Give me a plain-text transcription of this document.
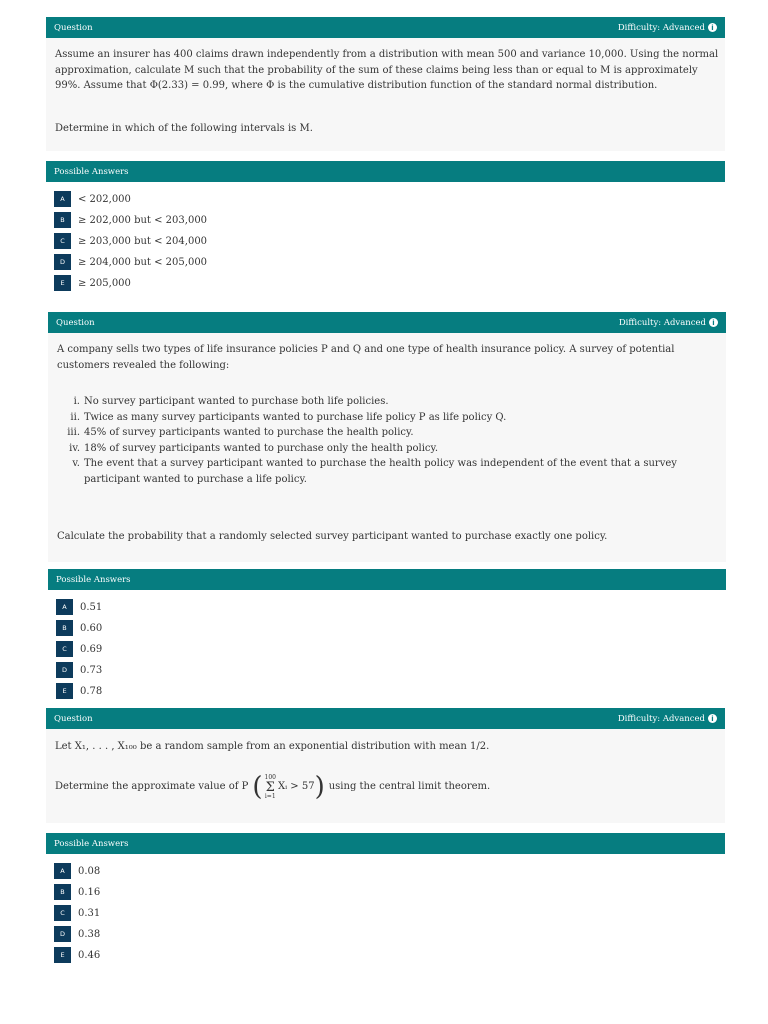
Question	Difficulty: Advanced i
Assume an insurer has 400 claims drawn independently from a distribution with mean 500 and variance 10,000. Using the normal approximation, calculate M such that the probability of the sum of these claims being less than or equal to M is approximately 99%. Assume that Φ(2.33) = 0.99, where Φ is the cumulative distribution function of the standard normal distribution.
Determine in which of the following intervals is M.
Possible Answers
A	< 202,000
B	≥ 202,000 but < 203,000
C	≥ 203,000 but < 204,000
D	≥ 204,000 but < 205,000
E	≥ 205,000
Question	Difficulty: Advanced i
A company sells two types of life insurance policies P and Q and one type of health insurance policy. A survey of potential customers revealed the following:
i. No survey participant wanted to purchase both life policies.
ii. Twice as many survey participants wanted to purchase life policy P as life policy Q.
iii. 45% of survey participants wanted to purchase the health policy.
iv. 18% of survey participants wanted to purchase only the health policy.
v. The event that a survey participant wanted to purchase the health policy was independent of the event that a survey participant wanted to purchase a life policy.
Calculate the probability that a randomly selected survey participant wanted to purchase exactly one policy.
Possible Answers
A	0.51
B	0.60
C	0.69
D	0.73
E	0.78
Question	Difficulty: Advanced i
Let X₁, . . . , X₁₀₀ be a random sample from an exponential distribution with mean 1/2.
Determine the approximate value of P ( 100
Σ
i=1
Xᵢ > 57 ) using the central limit theorem.
Possible Answers
A	0.08
B	0.16
C	0.31
D	0.38
E	0.46
